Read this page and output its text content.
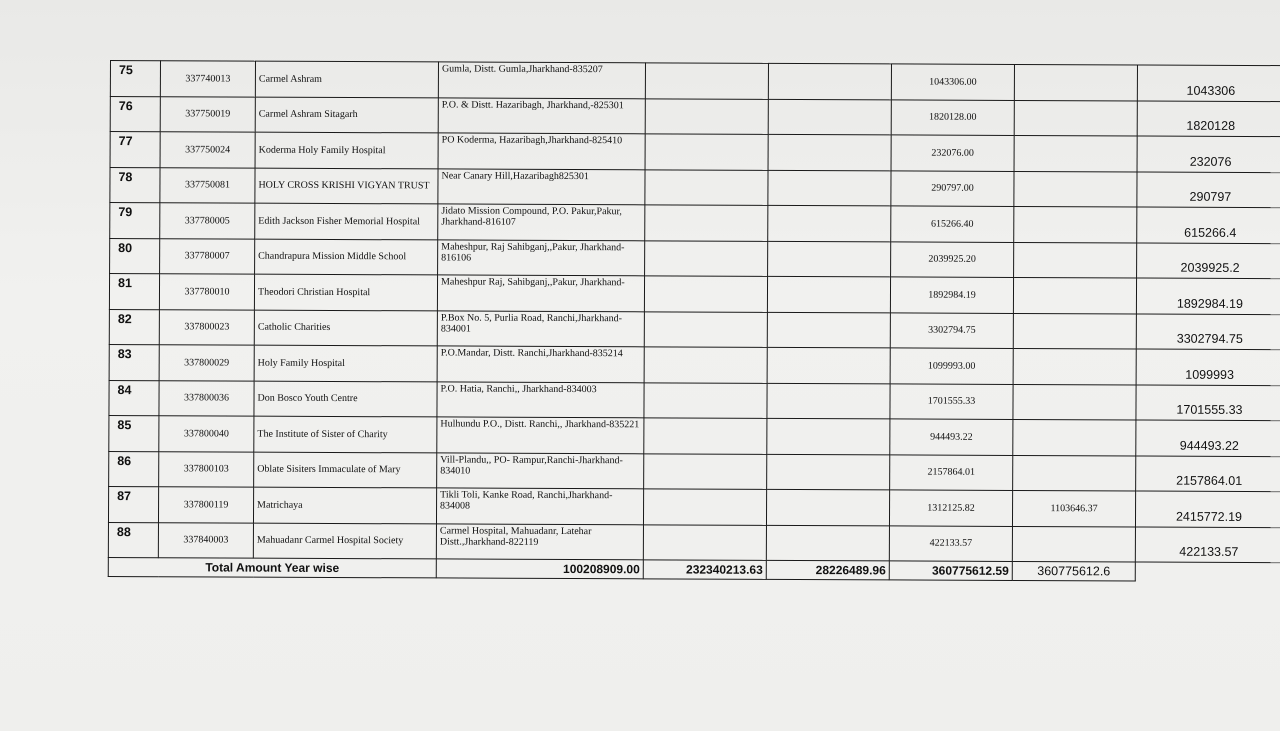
75	337740013	Carmel Ashram	Gumla, Distt. Gumla,Jharkhand-835207			1043306.00		1043306
76	337750019	Carmel Ashram Sitagarh	P.O. & Distt. Hazaribagh, Jharkhand,-825301			1820128.00		1820128
77	337750024	Koderma Holy Family Hospital	PO Koderma, Hazaribagh,Jharkhand-825410			232076.00		232076
78	337750081	HOLY CROSS KRISHI VIGYAN TRUST	Near Canary Hill,Hazaribagh825301			290797.00		290797
79	337780005	Edith Jackson Fisher Memorial Hospital	Jidato Mission Compound, P.O. Pakur,Pakur, Jharkhand-816107			615266.40		615266.4
80	337780007	Chandrapura Mission Middle School	Maheshpur, Raj Sahibganj,,Pakur, Jharkhand-816106			2039925.20		2039925.2
81	337780010	Theodori Christian Hospital	Maheshpur Raj, Sahibganj,,Pakur, Jharkhand-			1892984.19		1892984.19
82	337800023	Catholic Charities	P.Box No. 5, Purlia Road, Ranchi,Jharkhand-834001			3302794.75		3302794.75
83	337800029	Holy Family Hospital	P.O.Mandar, Distt. Ranchi,Jharkhand-835214			1099993.00		1099993
84	337800036	Don Bosco Youth Centre	P.O. Hatia, Ranchi,, Jharkhand-834003			1701555.33		1701555.33
85	337800040	The Institute of Sister of Charity	Hulhundu P.O., Distt. Ranchi,, Jharkhand-835221			944493.22		944493.22
86	337800103	Oblate Sisiters Immaculate of Mary	Vill-Plandu,, PO- Rampur,Ranchi-Jharkhand-834010			2157864.01		2157864.01
87	337800119	Matrichaya	Tikli Toli, Kanke Road, Ranchi,Jharkhand-834008			1312125.82	1103646.37	2415772.19
88	337840003	Mahuadanr Carmel Hospital Society	Carmel Hospital, Mahuadanr, Latehar Distt.,Jharkhand-822119			422133.57		422133.57
Total Amount Year wise			100208909.00	232340213.63	28226489.96	360775612.59	360775612.6	
